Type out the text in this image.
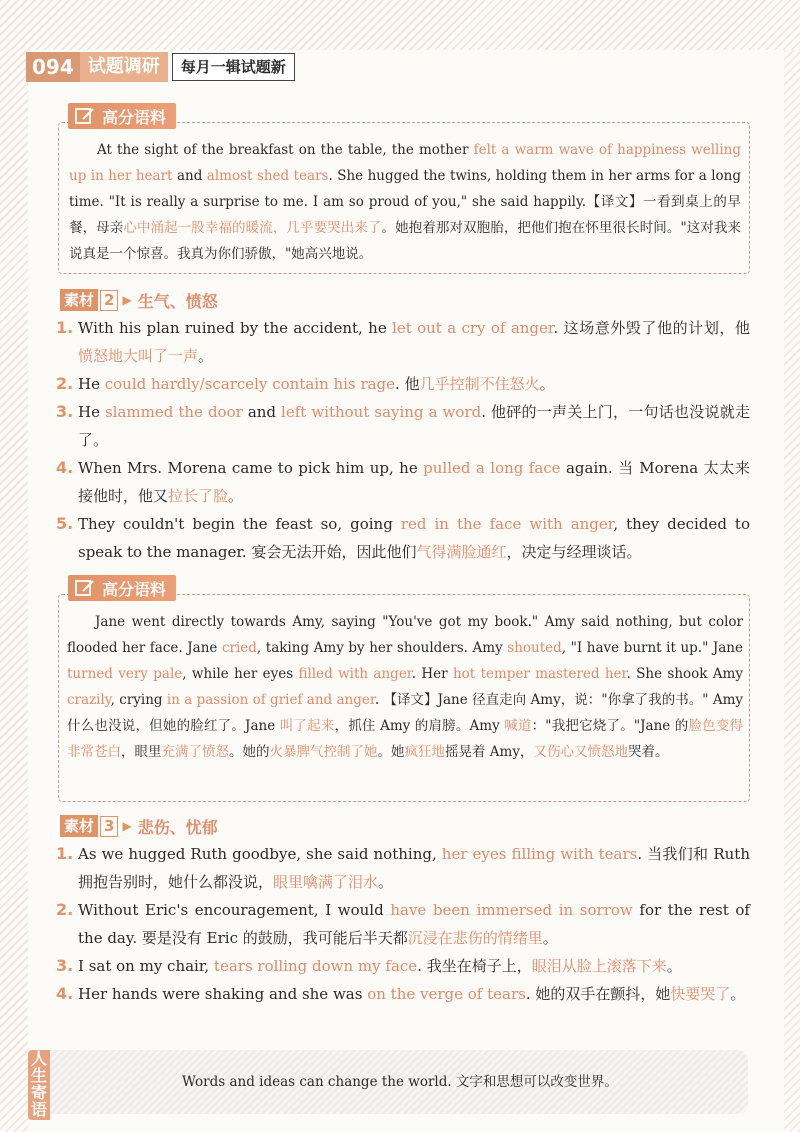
094 试题调研	每月一辑试题新
At the sight of the breakfast on the table, the mother felt a warm wave of happiness welling up in her heart and almost shed tears. She hugged the twins, holding them in her arms for a long time. "It is really a surprise to me. I am so proud of you," she said happily.【译文】一看到桌上的早餐，母亲心中涌起一股幸福的暖流，几乎要哭出来了。她抱着那对双胞胎，把他们抱在怀里很长时间。"这对我来说真是一个惊喜。我真为你们骄傲，"她高兴地说。
高分语料
素材 2 ▶ 生气、愤怒
1. With his plan ruined by the accident, he let out a cry of anger. 这场意外毁了他的计划，他愤怒地大叫了一声。
2. He could hardly/scarcely contain his rage. 他几乎控制不住怒火。
3. He slammed the door and left without saying a word. 他砰的一声关上门，一句话也没说就走了。
4. When Mrs. Morena came to pick him up, he pulled a long face again. 当 Morena 太太来接他时，他又拉长了脸。
5. They couldn't begin the feast so, going red in the face with anger, they decided to speak to the manager. 宴会无法开始，因此他们气得满脸通红，决定与经理谈话。
Jane went directly towards Amy, saying "You've got my book." Amy said nothing, but color flooded her face. Jane cried, taking Amy by her shoulders. Amy shouted, "I have burnt it up." Jane turned very pale, while her eyes filled with anger. Her hot temper mastered her. She shook Amy crazily, crying in a passion of grief and anger. 【译文】Jane 径直走向 Amy，说："你拿了我的书。" Amy 什么也没说，但她的脸红了。Jane 叫了起来，抓住 Amy 的肩膀。Amy 喊道："我把它烧了。"Jane 的脸色变得非常苍白，眼里充满了愤怒。她的火暴脾气控制了她。她疯狂地摇晃着 Amy，又伤心又愤怒地哭着。
高分语料
素材 3 ▶ 悲伤、忧郁
1. As we hugged Ruth goodbye, she said nothing, her eyes filling with tears. 当我们和 Ruth 拥抱告别时，她什么都没说，眼里噙满了泪水。
2. Without Eric's encouragement, I would have been immersed in sorrow for the rest of the day. 要是没有 Eric 的鼓励，我可能后半天都沉浸在悲伤的情绪里。
3. I sat on my chair, tears rolling down my face. 我坐在椅子上，眼泪从脸上滚落下来。
4. Her hands were shaking and she was on the verge of tears. 她的双手在颤抖，她快要哭了。
人生寄语
Words and ideas can change the world. 文字和思想可以改变世界。
